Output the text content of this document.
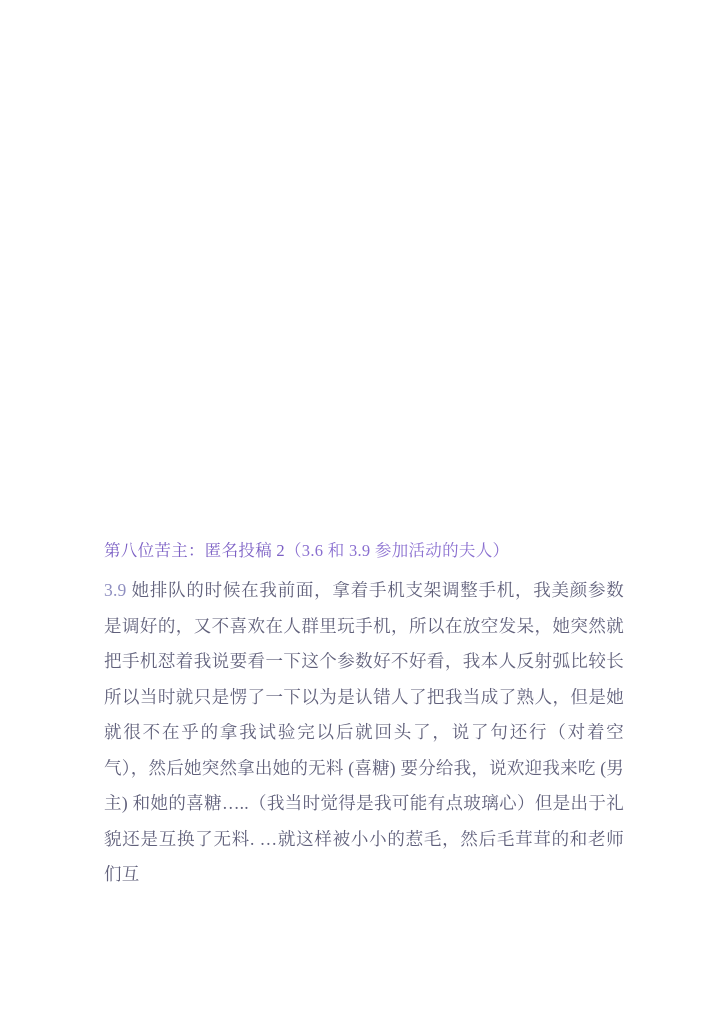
第八位苦主：匿名投稿 2（3.6 和 3.9 参加活动的夫人）
3.9 她排队的时候在我前面，拿着手机支架调整手机，我美颜参数是调好的，又不喜欢在人群里玩手机，所以在放空发呆，她突然就把手机怼着我说要看一下这个参数好不好看，我本人反射弧比较长所以当时就只是愣了一下以为是认错人了把我当成了熟人，但是她就很不在乎的拿我试验完以后就回头了，说了句还行（对着空气），然后她突然拿出她的无料 (喜糖) 要分给我，说欢迎我来吃 (男主) 和她的喜糖…..（我当时觉得是我可能有点玻璃心）但是出于礼貌还是互换了无料. …就这样被小小的惹毛，然后毛茸茸的和老师们互
